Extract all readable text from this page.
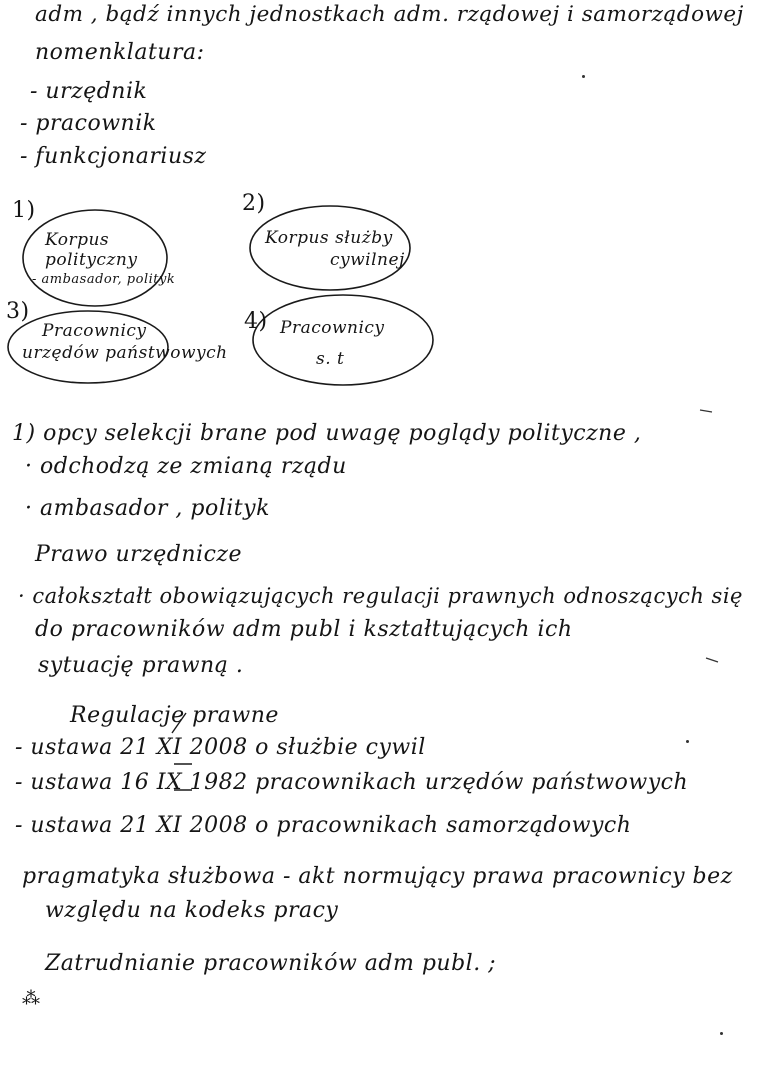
adm , bądź innych jednostkach adm. rządowej i samorządowej
nomenklatura:
- urzędnik
- pracownik
- funkcjonariusz
1)	2)
3)	4)
Korpus
polityczny
- ambasador, polityk
Korpus służby
cywilnej
Pracownicy
urzędów państwowych
Pracownicy
s. t
1) opcy selekcji brane pod uwagę poglądy polityczne ,
· odchodzą ze zmianą rządu
· ambasador , polityk
Prawo urzędnicze
· całokształt obowiązujących regulacji prawnych odnoszących się
do pracowników adm publ i kształtujących ich
sytuację prawną .
Regulacje prawne
- ustawa 21 XI 2008 o służbie cywil
- ustawa 16 IX 1982 pracownikach urzędów państwowych
- ustawa 21 XI 2008 o pracownikach samorządowych
pragmatyka służbowa - akt normujący prawa pracownicy bez
względu na kodeks pracy
Zatrudnianie pracowników adm publ. ;
⁂
